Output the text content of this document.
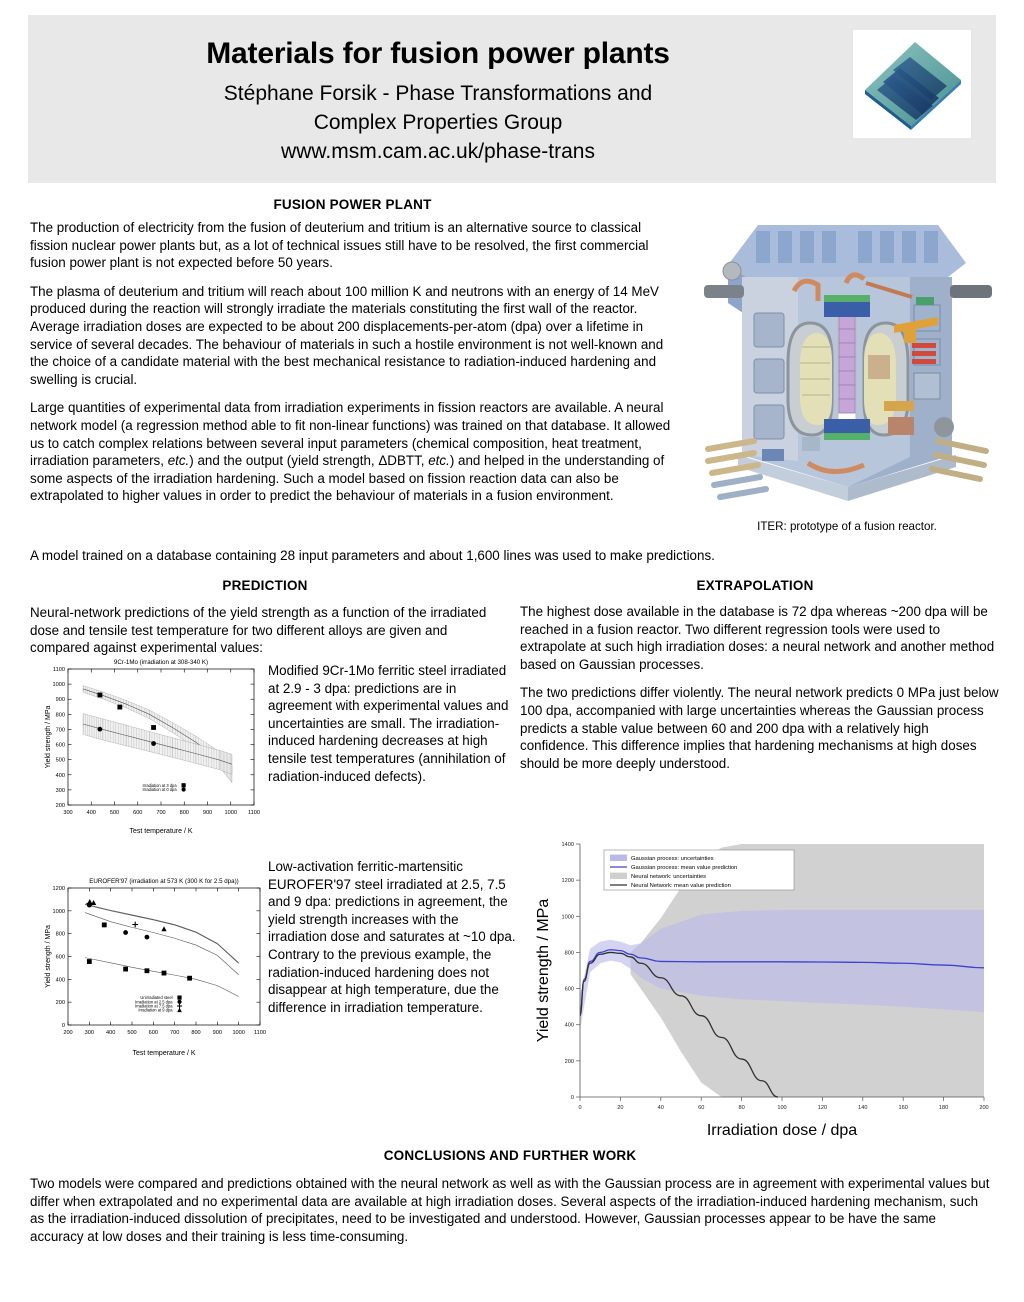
Materials for fusion power plants
Stéphane Forsik - Phase Transformations and
Complex Properties Group
www.msm.cam.ac.uk/phase-trans
FUSION POWER PLANT

The production of electricity from the fusion of deuterium and tritium is an alternative source to classical fission nuclear power plants but, as a lot of technical issues still have to be resolved, the first commercial fusion power plant is not expected before 50 years.

The plasma of deuterium and tritium will reach about 100 million K and neutrons with an energy of 14 MeV produced during the reaction will strongly irradiate the materials constituting the first wall of the reactor. Average irradiation doses are expected to be about 200 displacements-per-atom (dpa) over a lifetime in service of several decades. The behaviour of materials in such a hostile environment is not well-known and the choice of a candidate material with the best mechanical resistance to radiation-induced hardening and swelling is crucial.

Large quantities of experimental data from irradiation experiments in fission reactors are available. A neural network model (a regression method able to fit non-linear functions) was trained on that database. It allowed us to catch complex relations between several input parameters (chemical composition, heat treatment, irradiation parameters, etc.) and the output (yield strength, ΔDBTT, etc.) and helped in the understanding of some aspects of the irradiation hardening. Such a model based on fission reaction data can also be extrapolated to higher values in order to predict the behaviour of materials in a fusion environment.

ITER: prototype of a fusion reactor.
A model trained on a database containing 28 input parameters and about 1,600 lines was used to make predictions.
PREDICTION

Neural-network predictions of the yield strength as a function of the irradiated dose and tensile test temperature for two different alloys are given and compared against experimental values:

9Cr-1Mo (irradiation at 308-340 K)
300 400 500 600 700 800 900 1000 1100
200
300
400
500
600
700
800
900
1000
1100
Test temperature / K
Yield strength / MPa
Irradiation at 3 dpa
Irradiation at 0 dpa

Modified 9Cr-1Mo ferritic steel irradiated at 2.9 - 3 dpa: predictions are in agreement with experimental values and uncertainties are small. The irradiation-induced hardening decreases at high tensile test temperatures (annihilation of radiation-induced defects).

EUROFER'97 (irradiation at 573 K (300 K for 2.5 dpa))
200 300 400 500 600 700 800 900 1000 1100
0
200
400
600
800
1000
1200
Test temperature / K
Yield strength / MPa
Unirradiated steel
Irradiation at 2.5 dpa
Irradiation at 7.5 dpa
Irradiation at 9 dpa

Low-activation ferritic-martensitic EUROFER'97 steel irradiated at 2.5, 7.5 and 9 dpa: predictions in agreement, the yield strength increases with the irradiation dose and saturates at ~10 dpa. Contrary to the previous example, the radiation-induced hardening does not disappear at high temperature, due the difference in irradiation temperature.

EXTRAPOLATION

The highest dose available in the database is 72 dpa whereas ~200 dpa will be reached in a fusion reactor. Two different regression tools were used to extrapolate at such high irradiation doses: a neural network and another method based on Gaussian processes.

The two predictions differ violently. The neural network predicts 0 MPa just below 100 dpa, accompanied with large uncertainties whereas the Gaussian process predicts a stable value between 60 and 200 dpa with a relatively high confidence. This difference implies that hardening mechanisms at high doses should be more deeply understood.

0	20	40	60	80	100	120	140	160	180	200
0
200
400
600
800
1000
1200
1400
Irradiation dose / dpa
Yield strength / MPa
Gaussian process: uncertainties
Gaussian process: mean value prediction
Neural network: uncertainties
Neural Network: mean value prediction
CONCLUSIONS AND FURTHER WORK

Two models were compared and predictions obtained with the neural network as well as with the Gaussian process are in agreement with experimental values but differ when extrapolated and no experimental data are available at high irradiation doses. Several aspects of the irradiation-induced hardening mechanism, such as the irradiation-induced dissolution of precipitates, need to be investigated and understood. However, Gaussian processes appear to be have the same accuracy at low doses and their training is less time-consuming.
